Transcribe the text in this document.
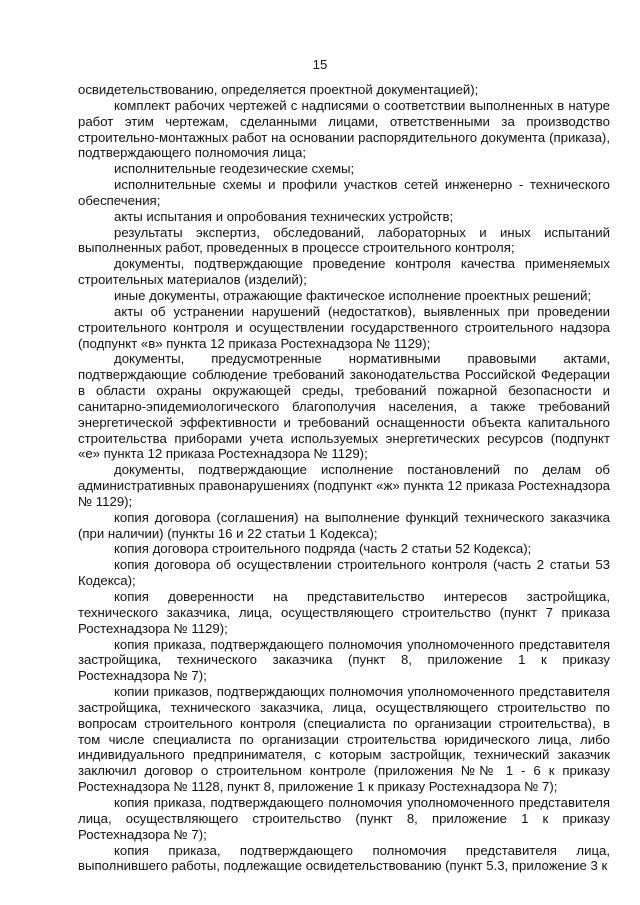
15

освидетельствованию, определяется проектной документацией);

комплект рабочих чертежей с надписями о соответствии выполненных в натуре работ этим чертежам, сделанными лицами, ответственными за производство строительно-монтажных работ на основании распорядительного документа (приказа), подтверждающего полномочия лица;

исполнительные геодезические схемы;

исполнительные схемы и профили участков сетей инженерно - технического обеспечения;

акты испытания и опробования технических устройств;

результаты экспертиз, обследований, лабораторных и иных испытаний выполненных работ, проведенных в процессе строительного контроля;

документы, подтверждающие проведение контроля качества применяемых строительных материалов (изделий);

иные документы, отражающие фактическое исполнение проектных решений;

акты об устранении нарушений (недостатков), выявленных при проведении строительного контроля и осуществлении государственного строительного надзора (подпункт «в» пункта 12 приказа Ростехнадзора № 1129);

документы, предусмотренные нормативными правовыми актами, подтверждающие соблюдение требований законодательства Российской Федерации в области охраны окружающей среды, требований пожарной безопасности и санитарно-эпидемиологического благополучия населения, а также требований энергетической эффективности и требований оснащенности объекта капитального строительства приборами учета используемых энергетических ресурсов (подпункт «е» пункта 12 приказа Ростехнадзора № 1129);

документы, подтверждающие исполнение постановлений по делам об административных правонарушениях (подпункт «ж» пункта 12 приказа Ростехнадзора № 1129);

копия договора (соглашения) на выполнение функций технического заказчика (при наличии) (пункты 16 и 22 статьи 1 Кодекса);

копия договора строительного подряда (часть 2 статьи 52 Кодекса);

копия договора об осуществлении строительного контроля (часть 2 статьи 53 Кодекса);

копия доверенности на представительство интересов застройщика, технического заказчика, лица, осуществляющего строительство (пункт 7 приказа Ростехнадзора № 1129);

копия приказа, подтверждающего полномочия уполномоченного представителя застройщика, технического заказчика (пункт 8, приложение 1 к приказу Ростехнадзора № 7);

копии приказов, подтверждающих полномочия уполномоченного представителя застройщика, технического заказчика, лица, осуществляющего строительство по вопросам строительного контроля (специалиста по организации строительства), в том числе специалиста по организации строительства юридического лица, либо индивидуального предпринимателя, с которым застройщик, технический заказчик заключил договор о строительном контроле (приложения №№ 1 - 6 к приказу Ростехнадзора № 1128, пункт 8, приложение 1 к приказу Ростехнадзора № 7);

копия приказа, подтверждающего полномочия уполномоченного представителя лица, осуществляющего строительство (пункт 8, приложение 1 к приказу Ростехнадзора № 7);

копия приказа, подтверждающего полномочия представителя лица, выполнившего работы, подлежащие освидетельствованию (пункт 5.3, приложение 3 к
